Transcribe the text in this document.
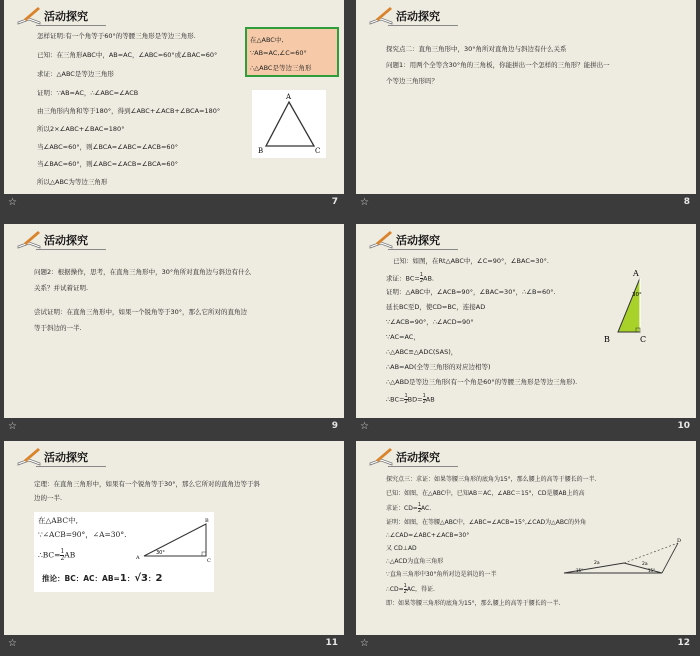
活动探究
怎样证明:有一个角等于60°的等腰三角形是等边三角形.
已知：在三角形ABC中，AB=AC，∠ABC=60°或∠BAC=60°
求证：△ABC是等边三角形
证明：∵AB=AC，∴∠ABC=∠ACB
由三角形内角和等于180°，得到∠ABC+∠ACB+∠BCA=180°
所以2×∠ABC+∠BAC=180°
当∠ABC=60°，则∠BCA=∠ABC=∠ACB=60°
当∠BAC=60°，则∠ABC=∠ACB=∠BCA=60°
所以△ABC为等边三角形
在△ABC中,
∵AB=AC,∠C=60°
∴△ABC是等边三角形
A
B	C
☆	7
活动探究
探究点二：直角三角形中，30°角所对直角边与斜边有什么关系
问题1：用两个全等含30°角的三角板，你能拼出一个怎样的三角形？能拼出一
个等边三角形吗？
☆	8
活动探究
问题2：根据操作，思考，在直角三角形中，30°角所对直角边与斜边有什么
关系？并试着证明.
尝试证明：在直角三角形中，如果一个锐角等于30°，那么它所对的直角边
等于斜边的一半.
☆	9
活动探究
已知：如图，在Rt△ABC中，∠C=90°，∠BAC=30°.
求证：$BC= \frac{1}{2}$ AB.
证明：△ABC中，∠ACB=90°，∠BAC=30°，∴∠B=60°.
延长BC至D，使CD=BC，连接AD
∵∠ACB=90°，∴∠ACD=90°
∵AC=AC，
∴△ABC≌△ADC(SAS)，
∴AB=AD(全等三角形的对应边相等)
∴△ABD是等边三角形(有一个角是60°的等腰三角形是等边三角形).
∴BC= $\frac{1}{2} BD= \frac{1}{2}$ AB
A
B	C
30°
☆	10
活动探究
定理：在直角三角形中，如果有一个锐角等于30°，那么它所对的直角边等于斜
边的一半.
在△ABC中,
∵∠ACB=90°，∠A=30°.
∴BC= $\frac{1}{2}$ AB
推论：BC：AC：AB=1：√3：2
A
B
C
30°
☆	11
活动探究
探究点三：求证：如果等腰三角形的底角为15°，那么腰上的高等于腰长的一半.
已知：如图，在△ABC中，已知AB＝AC，∠ABC＝15°，CD是腰AB上的高
求证：$CD= \frac{1}{2}$ AC.
证明：如图，在等腰△ABC中，∠ABC=∠ACB=15°,∠CAD为△ABC的外角
∴∠CAD=∠ABC+∠ACB=30°
又 CD⊥AD
∴△ACD为直角三角形
∵直角三角形中30°角所对边是斜边的一半
∴CD= $\frac{1}{2}$ AC，得证.
即：如果等腰三角形的底角为15°，那么腰上的高等于腰长的一半.
D
2a	2a
15°	15°
☆	12
